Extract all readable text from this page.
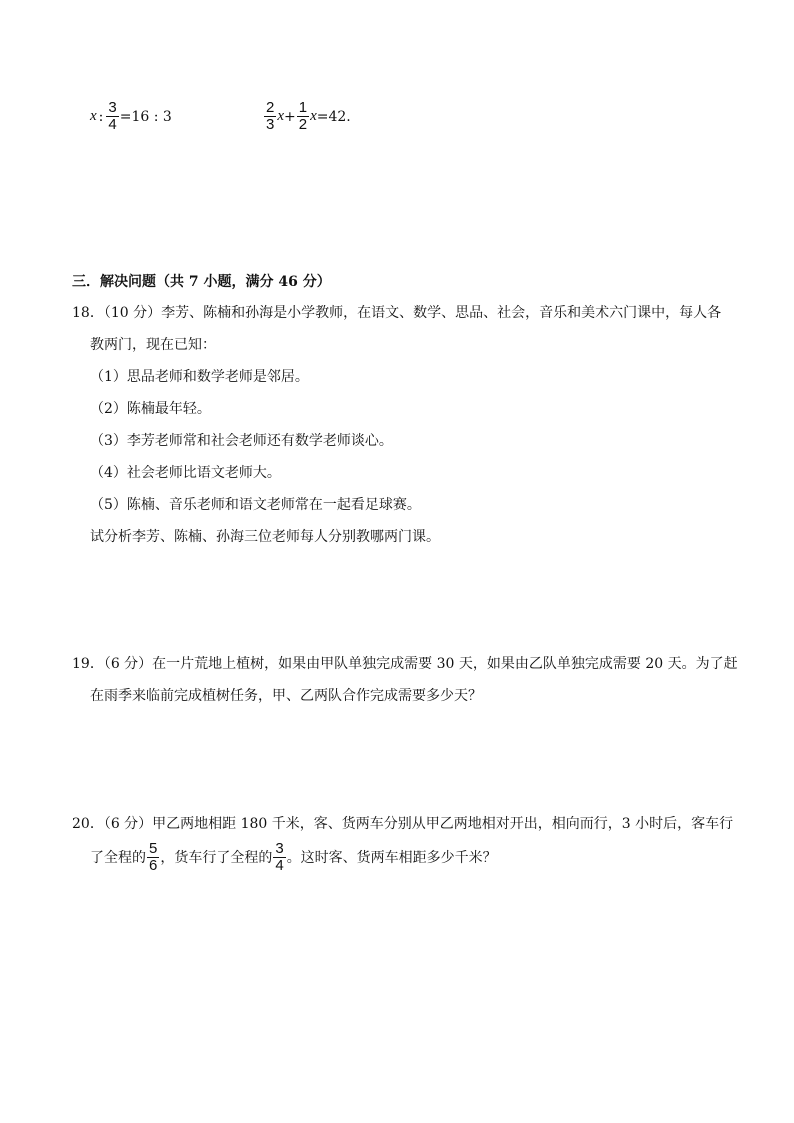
x : $\frac{3}{4} =16$ : 3	$\frac{2}{3}$ $x + \frac{1}{2}$ x =42.
三．解决问题（共 7 小题，满分 46 分）
18．（10 分）李芳、陈楠和孙海是小学教师，在语文、数学、思品、社会，音乐和美术六门课中，每人各
教两门，现在已知：
（1）思品老师和数学老师是邻居。
（2）陈楠最年轻。
（3）李芳老师常和社会老师还有数学老师谈心。
（4）社会老师比语文老师大。
（5）陈楠、音乐老师和语文老师常在一起看足球赛。
试分析李芳、陈楠、孙海三位老师每人分别教哪两门课。
19．（6 分）在一片荒地上植树，如果由甲队单独完成需要 30 天，如果由乙队单独完成需要 20 天。为了赶
在雨季来临前完成植树任务，甲、乙两队合作完成需要多少天？
20．（6 分）甲乙两地相距 180 千米，客、货两车分别从甲乙两地相对开出，相向而行，3 小时后，客车行
了全程的 $\frac{5}{6}$ ，货车行了全程的 $\frac{3}{4}$ 。这时客、货两车相距多少千米？
